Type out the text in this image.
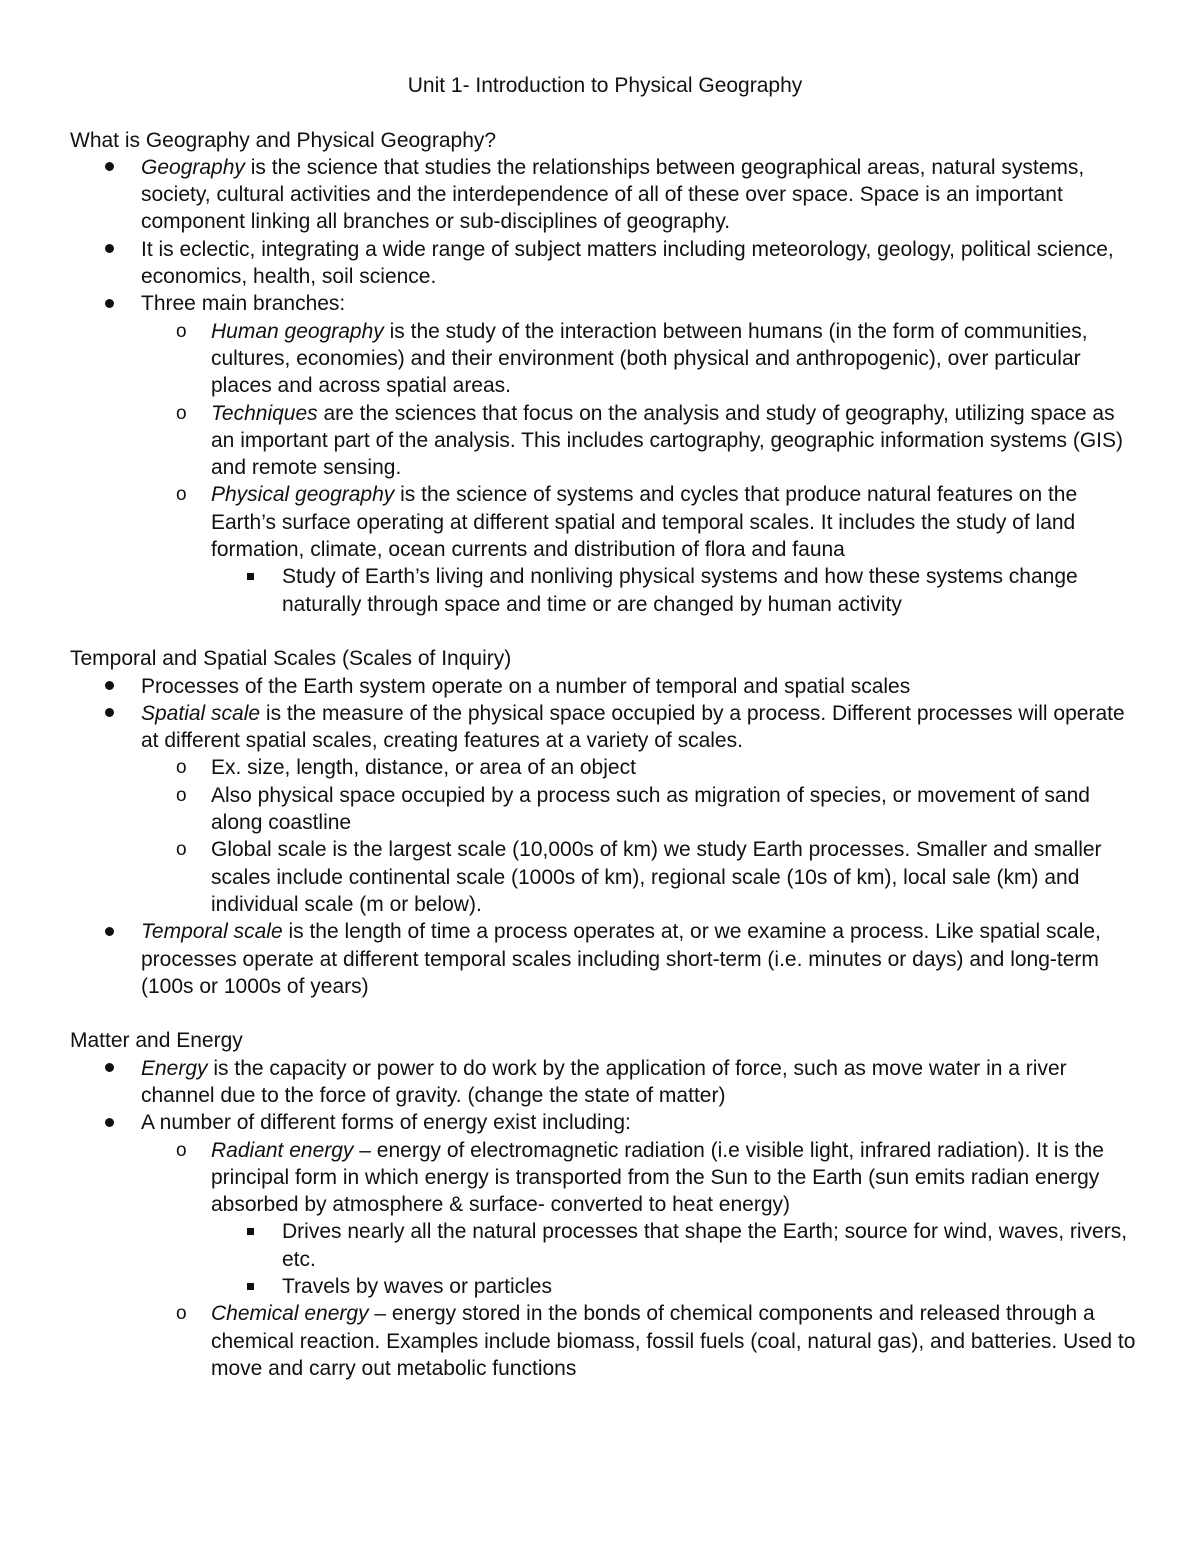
Unit 1- Introduction to Physical Geography
What is Geography and Physical Geography?
Geography is the science that studies the relationships between geographical areas, natural systems, society, cultural activities and the interdependence of all of these over space. Space is an important component linking all branches or sub-disciplines of geography.
It is eclectic, integrating a wide range of subject matters including meteorology, geology, political science, economics, health, soil science.
Three main branches:
o Human geography is the study of the interaction between humans (in the form of communities, cultures, economies) and their environment (both physical and anthropogenic), over particular places and across spatial areas.
o Techniques are the sciences that focus on the analysis and study of geography, utilizing space as an important part of the analysis. This includes cartography, geographic information systems (GIS) and remote sensing.
o Physical geography is the science of systems and cycles that produce natural features on the Earth’s surface operating at different spatial and temporal scales. It includes the study of land formation, climate, ocean currents and distribution of flora and fauna
Study of Earth’s living and nonliving physical systems and how these systems change naturally through space and time or are changed by human activity
Temporal and Spatial Scales (Scales of Inquiry)
Processes of the Earth system operate on a number of temporal and spatial scales
Spatial scale is the measure of the physical space occupied by a process. Different processes will operate at different spatial scales, creating features at a variety of scales.
o Ex. size, length, distance, or area of an object
o Also physical space occupied by a process such as migration of species, or movement of sand along coastline
o Global scale is the largest scale (10,000s of km) we study Earth processes. Smaller and smaller scales include continental scale (1000s of km), regional scale (10s of km), local sale (km) and individual scale (m or below).
Temporal scale is the length of time a process operates at, or we examine a process. Like spatial scale, processes operate at different temporal scales including short-term (i.e. minutes or days) and long-term (100s or 1000s of years)
Matter and Energy
Energy is the capacity or power to do work by the application of force, such as move water in a river channel due to the force of gravity. (change the state of matter)
A number of different forms of energy exist including:
o Radiant energy – energy of electromagnetic radiation (i.e visible light, infrared radiation). It is the principal form in which energy is transported from the Sun to the Earth (sun emits radian energy absorbed by atmosphere & surface- converted to heat energy)
Drives nearly all the natural processes that shape the Earth; source for wind, waves, rivers, etc.
Travels by waves or particles
o Chemical energy – energy stored in the bonds of chemical components and released through a chemical reaction. Examples include biomass, fossil fuels (coal, natural gas), and batteries. Used to move and carry out metabolic functions
